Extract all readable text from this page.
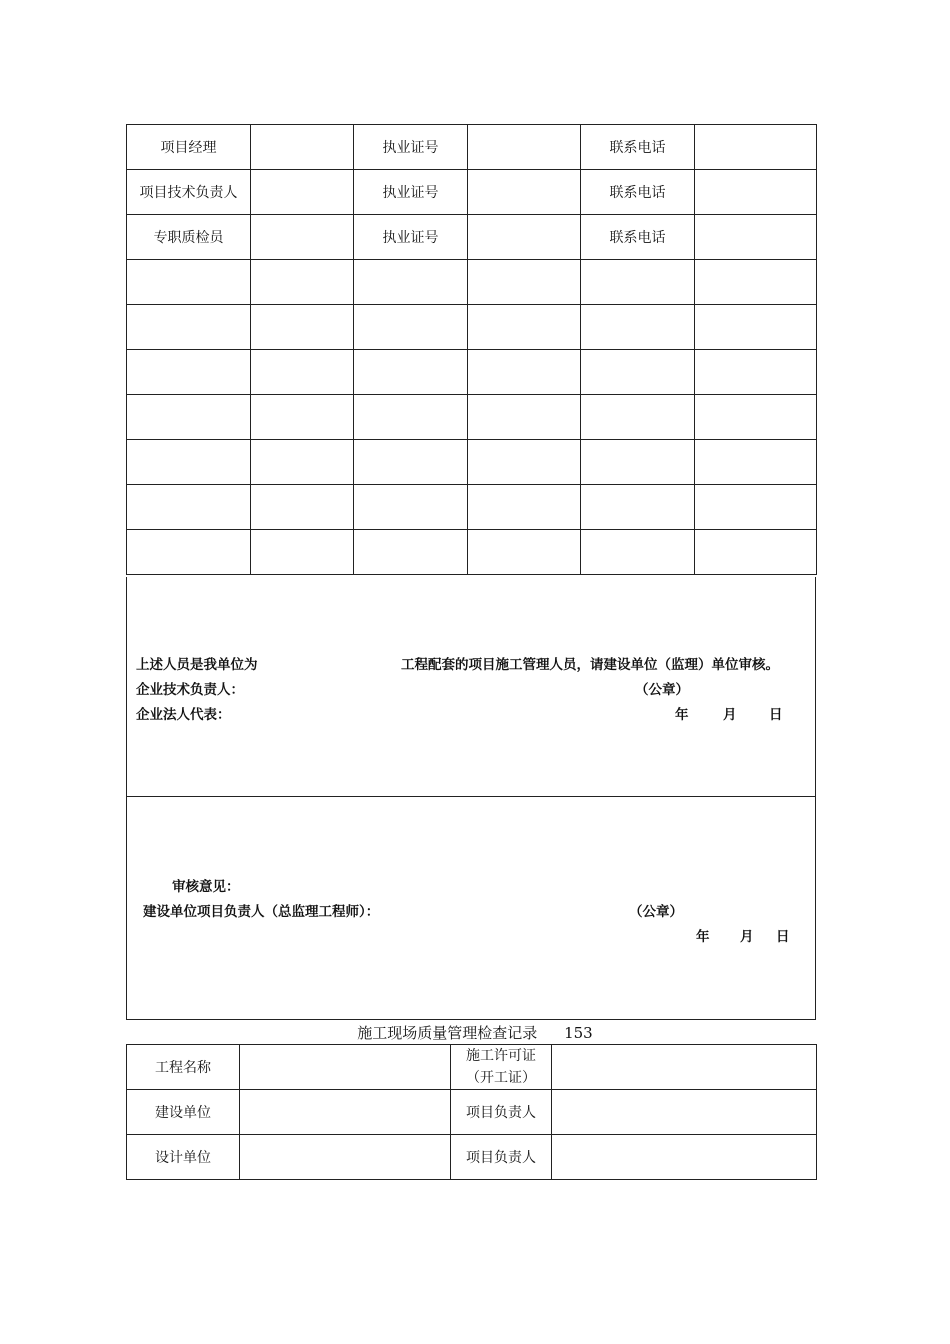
项目经理		执业证号		联系电话	
项目技术负责人		执业证号		联系电话	
专职质检员		执业证号		联系电话	

上述人员是我单位为	工程配套的项目施工管理人员，请建设单位（监理）单位审核。
企业技术负责人：	（公章）
企业法人代表：	年	月 日
审核意见：
建设单位项目负责人（总监理工程师）：	（公章）
年 月 日
施工现场质量管理检查记录 153
工程名称		施工许可证
（开工证）	

建设单位		项目负责人	
设计单位		项目负责人	
